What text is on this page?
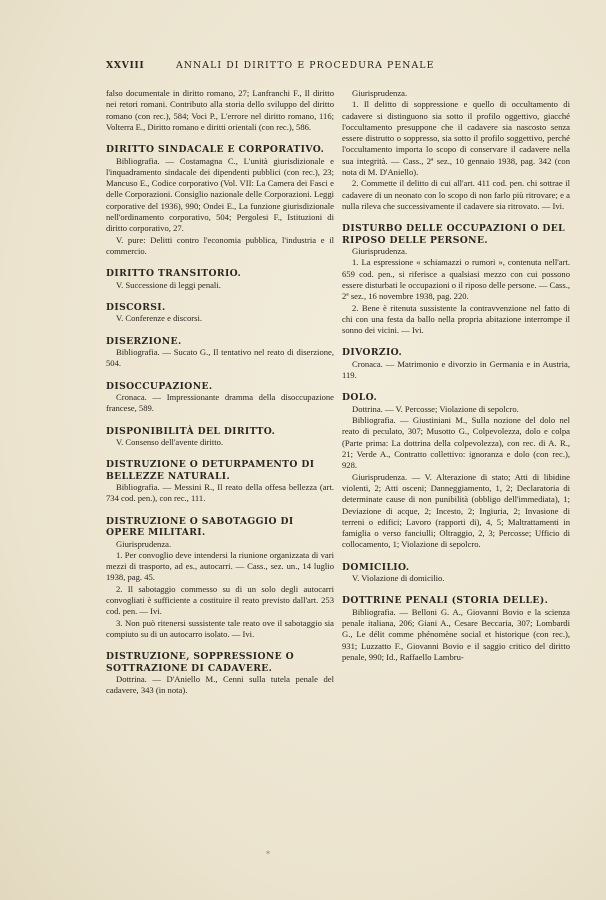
XXVIII	ANNALI DI DIRITTO E PROCEDURA PENALE

falso documentale in diritto romano, 27; Lanfranchi F., Il diritto nei retori romani. Contributo alla storia dello sviluppo del diritto romano (con rec.), 584; Voci P., L'errore nel diritto romano, 116; Volterra E., Diritto romano e diritti orientali (con rec.), 586.

DIRITTO SINDACALE E CORPORATIVO.

Bibliografia. — Costamagna C., L'unità giurisdizionale e l'inquadramento sindacale dei dipendenti pubblici (con rec.), 23; Mancuso E., Codice corporativo (Vol. VII: La Camera dei Fasci e delle Corporazioni. Consiglio nazionale delle Corporazioni. Leggi corporative del 1936), 990; Ondei E., La funzione giurisdizionale nell'ordinamento corporativo, 504; Pergolesi F., Istituzioni di diritto corporativo, 27.

V. pure: Delitti contro l'economia pubblica, l'industria e il commercio.

DIRITTO TRANSITORIO.

V. Successione di leggi penali.

DISCORSI.

V. Conferenze e discorsi.

DISERZIONE.

Bibliografia. — Sucato G., Il tentativo nel reato di diserzione, 504.

DISOCCUPAZIONE.

Cronaca. — Impressionante dramma della disoccupazione francese, 589.

DISPONIBILITÀ DEL DIRITTO.

V. Consenso dell'avente diritto.

DISTRUZIONE O DETURPAMENTO DI BELLEZZE NATURALI.

Bibliografia. — Messini R., Il reato della offesa bellezza (art. 734 cod. pen.), con rec., 111.

DISTRUZIONE O SABOTAGGIO DI OPERE MILITARI.

Giurisprudenza.

1. Per convoglio deve intendersi la riunione organizzata di vari mezzi di trasporto, ad es., autocarri. — Cass., sez. un., 14 luglio 1938, pag. 45.

2. Il sabotaggio commesso su di un solo degli autocarri convogliati è sufficiente a costituire il reato previsto dall'art. 253 cod. pen. — Ivi.

3. Non può ritenersi sussistente tale reato ove il sabotaggio sia compiuto su di un autocarro isolato. — Ivi.

DISTRUZIONE, SOPPRESSIONE O SOTTRAZIONE DI CADAVERE.

Dottrina. — D'Aniello M., Cenni sulla tutela penale del cadavere, 343 (in nota).

Giurisprudenza.

1. Il delitto di soppressione e quello di occultamento di cadavere si distinguono sia sotto il profilo oggettivo, giacché l'occultamento presuppone che il cadavere sia nascosto senza essere distrutto o soppresso, sia sotto il profilo soggettivo, perché l'occultamento importa lo scopo di conservare il cadavere nella sua integrità. — Cass., 2ª sez., 10 gennaio 1938, pag. 342 (con nota di M. D'Aniello).

2. Commette il delitto di cui all'art. 411 cod. pen. chi sottrae il cadavere di un neonato con lo scopo di non farlo più ritrovare; e a nulla rileva che successivamente il cadavere sia ritrovato. — Ivi.

DISTURBO DELLE OCCUPAZIONI O DEL RIPOSO DELLE PERSONE.

Giurisprudenza.

1. La espressione « schiamazzi o rumori », contenuta nell'art. 659 cod. pen., si riferisce a qualsiasi mezzo con cui possono essere disturbati le occupazioni o il riposo delle persone. — Cass., 2ª sez., 16 novembre 1938, pag. 220.

2. Bene è ritenuta sussistente la contravvenzione nel fatto di chi con una festa da ballo nella propria abitazione interrompe il sonno dei vicini. — Ivi.

DIVORZIO.

Cronaca. — Matrimonio e divorzio in Germania e in Austria, 119.

DOLO.

Dottrina. — V. Percosse; Violazione di sepolcro.

Bibliografia. — Giustiniani M., Sulla nozione del dolo nel reato di peculato, 307; Musotto G., Colpevolezza, dolo e colpa (Parte prima: La dottrina della colpevolezza), con rec. di A. R., 21; Verde A., Contratto collettivo: ignoranza e dolo (con rec.), 928.

Giurisprudenza. — V. Alterazione di stato; Atti di libidine violenti, 2; Atti osceni; Danneggiamento, 1, 2; Declaratoria di determinate cause di non punibilità (obbligo dell'immediata), 1; Deviazione di acque, 2; Incesto, 2; Ingiuria, 2; Invasione di terreni o edifici; Lavoro (rapporti di), 4, 5; Maltrattamenti in famiglia o verso fanciulli; Oltraggio, 2, 3; Percosse; Ufficio di collocamento, 1; Violazione di sepolcro.

DOMICILIO.

V. Violazione di domicilio.

DOTTRINE PENALI (STORIA DELLE).

Bibliografia. — Belloni G. A., Giovanni Bovio e la scienza penale italiana, 206; Giani A., Cesare Beccaria, 307; Lombardi G., Le délit comme phénomène social et historique (con rec.), 931; Luzzatto F., Giovanni Bovio e il saggio critico del diritto penale, 990; Id., Raffaello Lambru-

*
